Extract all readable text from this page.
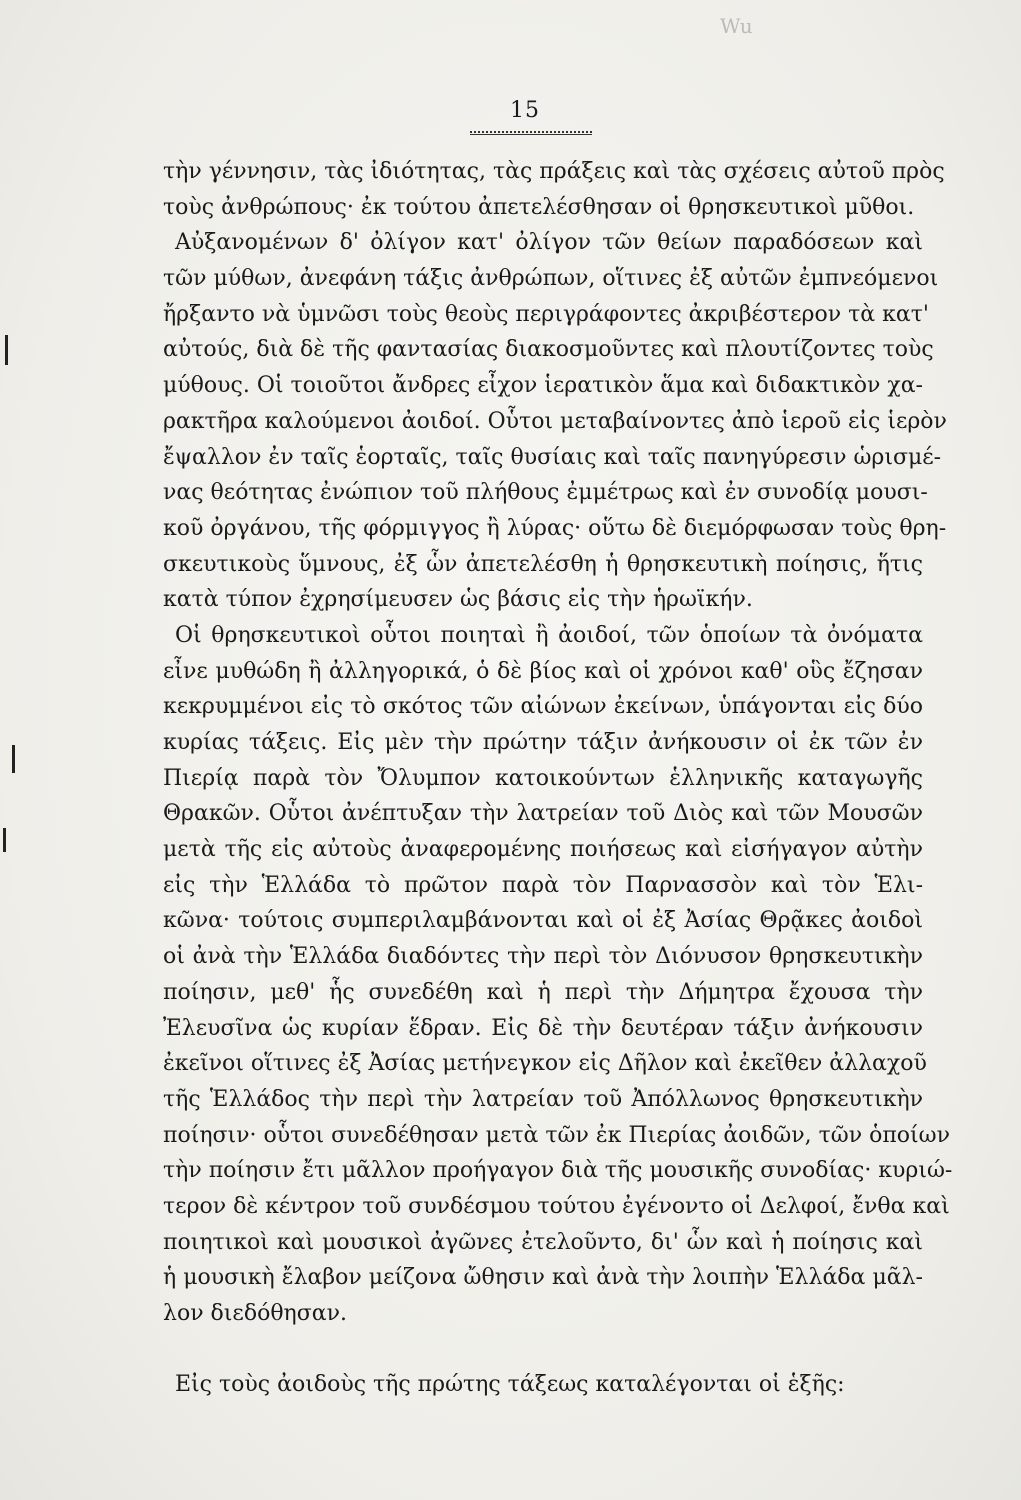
Wu
15
τὴν γέννησιν, τὰς ἰδιότητας, τὰς πράξεις καὶ τὰς σχέσεις αὐτοῦ πρὸς
τοὺς ἀνθρώπους· ἐκ τούτου ἀπετελέσθησαν οἱ θρησκευτικοὶ μῦθοι.
Αὐξανομένων δ' ὀλίγον κατ' ὀλίγον τῶν θείων παραδόσεων καὶ
τῶν μύθων, ἀνεφάνη τάξις ἀνθρώπων, οἵτινες ἐξ αὐτῶν ἐμπνεόμενοι
ἤρξαντο νὰ ὑμνῶσι τοὺς θεοὺς περιγράφοντες ἀκριβέστερον τὰ κατ'
αὐτούς, διὰ δὲ τῆς φαντασίας διακοσμοῦντες καὶ πλουτίζοντες τοὺς
μύθους. Οἱ τοιοῦτοι ἄνδρες εἶχον ἱερατικὸν ἅμα καὶ διδακτικὸν χα-
ρακτῆρα καλούμενοι ἀοιδοί. Οὗτοι μεταβαίνοντες ἀπὸ ἱεροῦ εἰς ἱερὸν
ἔψαλλον ἐν ταῖς ἑορταῖς, ταῖς θυσίαις καὶ ταῖς πανηγύρεσιν ὡρισμέ-
νας θεότητας ἐνώπιον τοῦ πλήθους ἐμμέτρως καὶ ἐν συνοδίᾳ μουσι-
κοῦ ὀργάνου, τῆς φόρμιγγος ἢ λύρας· οὕτω δὲ διεμόρφωσαν τοὺς θρη-
σκευτικοὺς ὕμνους, ἐξ ὧν ἀπετελέσθη ἡ θρησκευτικὴ ποίησις, ἥτις
κατὰ τύπον ἐχρησίμευσεν ὡς βάσις εἰς τὴν ἡρωϊκήν.
Οἱ θρησκευτικοὶ οὗτοι ποιηταὶ ἢ ἀοιδοί, τῶν ὁποίων τὰ ὀνόματα
εἶνε μυθώδη ἢ ἀλληγορικά, ὁ δὲ βίος καὶ οἱ χρόνοι καθ' οὓς ἔζησαν
κεκρυμμένοι εἰς τὸ σκότος τῶν αἰώνων ἐκείνων, ὑπάγονται εἰς δύο
κυρίας τάξεις. Εἰς μὲν τὴν πρώτην τάξιν ἀνήκουσιν οἱ ἐκ τῶν ἐν
Πιερίᾳ παρὰ τὸν Ὄλυμπον κατοικούντων ἑλληνικῆς καταγωγῆς
Θρακῶν. Οὗτοι ἀνέπτυξαν τὴν λατρείαν τοῦ Διὸς καὶ τῶν Μουσῶν
μετὰ τῆς εἰς αὐτοὺς ἀναφερομένης ποιήσεως καὶ εἰσήγαγον αὐτὴν
εἰς τὴν Ἑλλάδα τὸ πρῶτον παρὰ τὸν Παρνασσὸν καὶ τὸν Ἑλι-
κῶνα· τούτοις συμπεριλαμβάνονται καὶ οἱ ἐξ Ἀσίας Θρᾷκες ἀοιδοὶ
οἱ ἀνὰ τὴν Ἑλλάδα διαδόντες τὴν περὶ τὸν Διόνυσον θρησκευτικὴν
ποίησιν, μεθ' ἧς συνεδέθη καὶ ἡ περὶ τὴν Δήμητρα ἔχουσα τὴν
Ἐλευσῖνα ὡς κυρίαν ἕδραν. Εἰς δὲ τὴν δευτέραν τάξιν ἀνήκουσιν
ἐκεῖνοι οἵτινες ἐξ Ἀσίας μετήνεγκον εἰς Δῆλον καὶ ἐκεῖθεν ἀλλαχοῦ
τῆς Ἑλλάδος τὴν περὶ τὴν λατρείαν τοῦ Ἀπόλλωνος θρησκευτικὴν
ποίησιν· οὗτοι συνεδέθησαν μετὰ τῶν ἐκ Πιερίας ἀοιδῶν, τῶν ὁποίων
τὴν ποίησιν ἔτι μᾶλλον προήγαγον διὰ τῆς μουσικῆς συνοδίας· κυριώ-
τερον δὲ κέντρον τοῦ συνδέσμου τούτου ἐγένοντο οἱ Δελφοί, ἔνθα καὶ
ποιητικοὶ καὶ μουσικοὶ ἀγῶνες ἐτελοῦντο, δι' ὧν καὶ ἡ ποίησις καὶ
ἡ μουσικὴ ἔλαβον μείζονα ὤθησιν καὶ ἀνὰ τὴν λοιπὴν Ἑλλάδα μᾶλ-
λον διεδόθησαν.
Εἰς τοὺς ἀοιδοὺς τῆς πρώτης τάξεως καταλέγονται οἱ ἑξῆς:
